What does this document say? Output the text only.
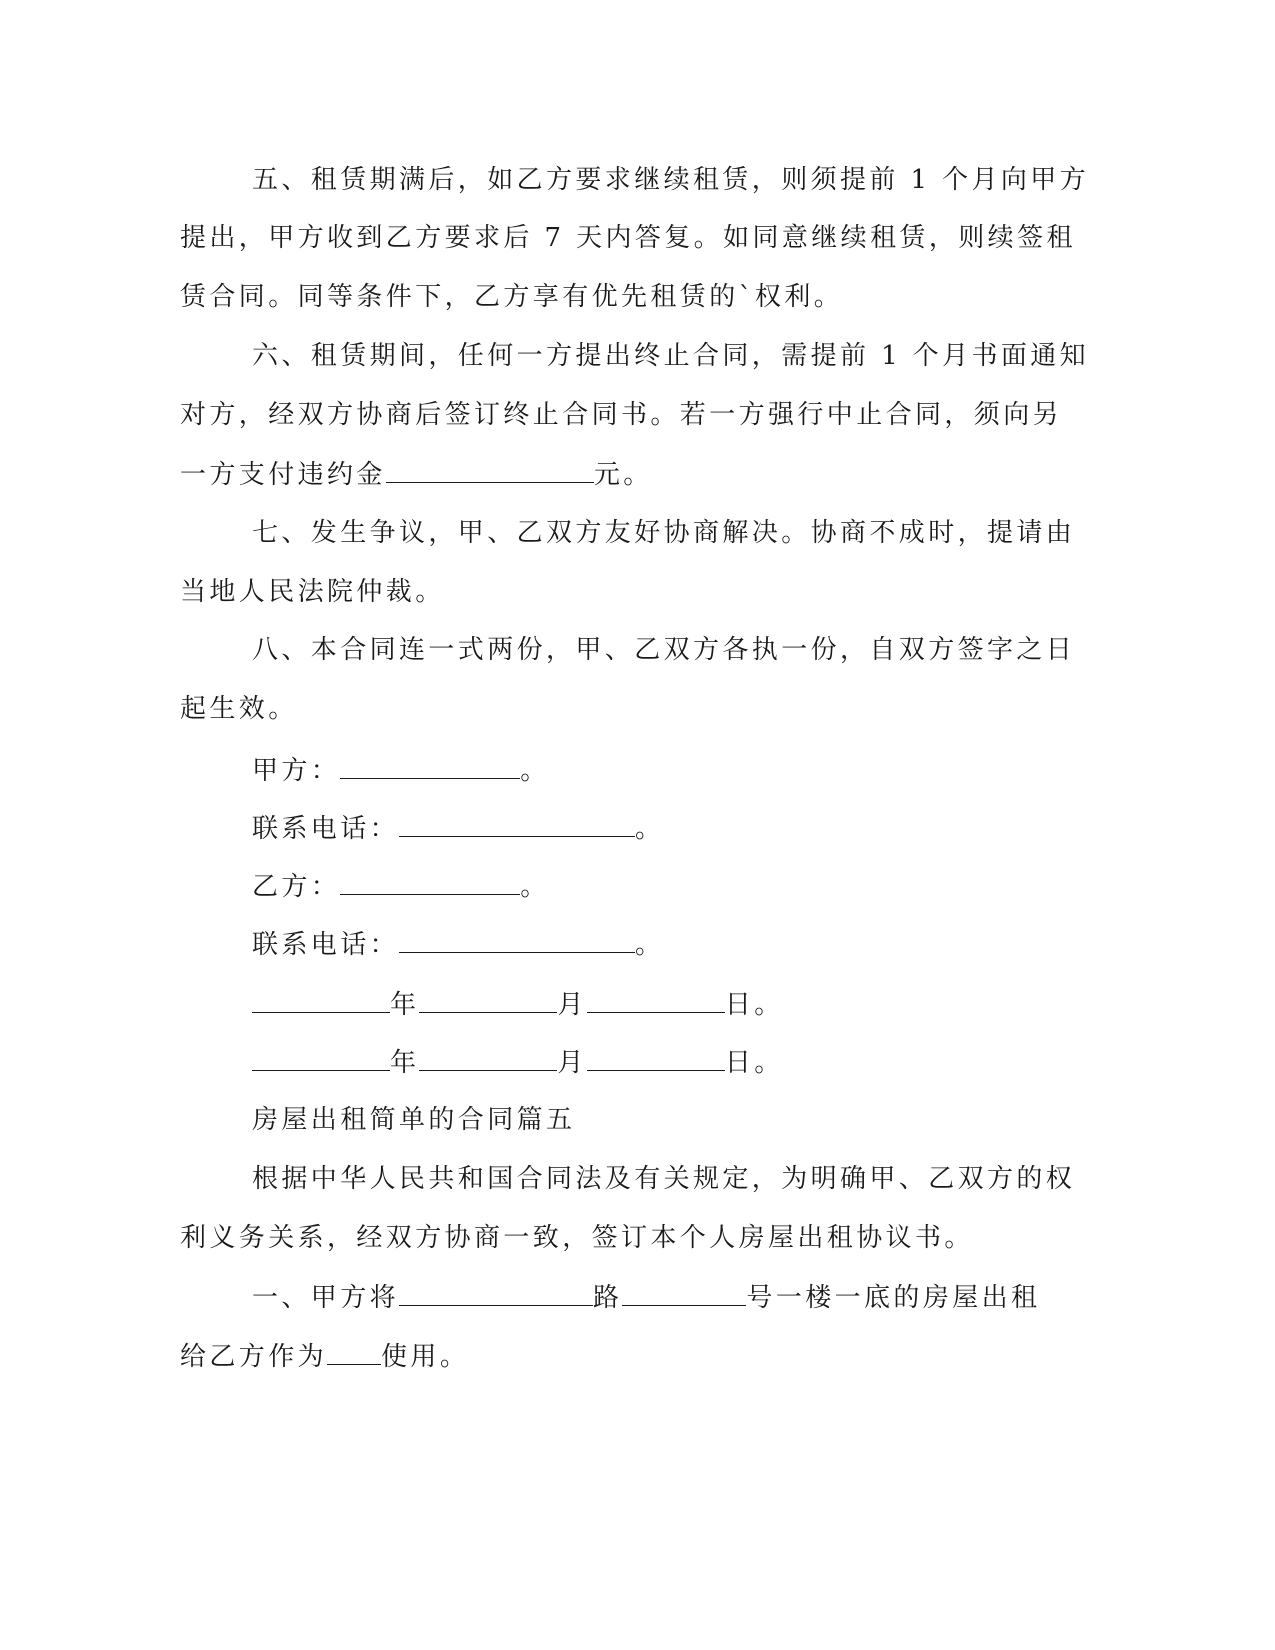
五、租赁期满后，如乙方要求继续租赁，则须提前 1 个月向甲方
提出，甲方收到乙方要求后 7 天内答复。如同意继续租赁，则续签租
赁合同。同等条件下，乙方享有优先租赁的`权利。
六、租赁期间，任何一方提出终止合同，需提前 1 个月书面通知
对方，经双方协商后签订终止合同书。若一方强行中止合同，须向另
一方支付违约金	元。
七、发生争议，甲、乙双方友好协商解决。协商不成时，提请由
当地人民法院仲裁。
八、本合同连一式两份，甲、乙双方各执一份，自双方签字之日
起生效。
甲方：	。
联系电话：	。
乙方：	。
联系电话：	。
年	月	日。
年	月	日。
房屋出租简单的合同篇五
根据中华人民共和国合同法及有关规定，为明确甲、乙双方的权
利义务关系，经双方协商一致，签订本个人房屋出租协议书。
一、甲方将	路	号一楼一底的房屋出租
给乙方作为 使用。
